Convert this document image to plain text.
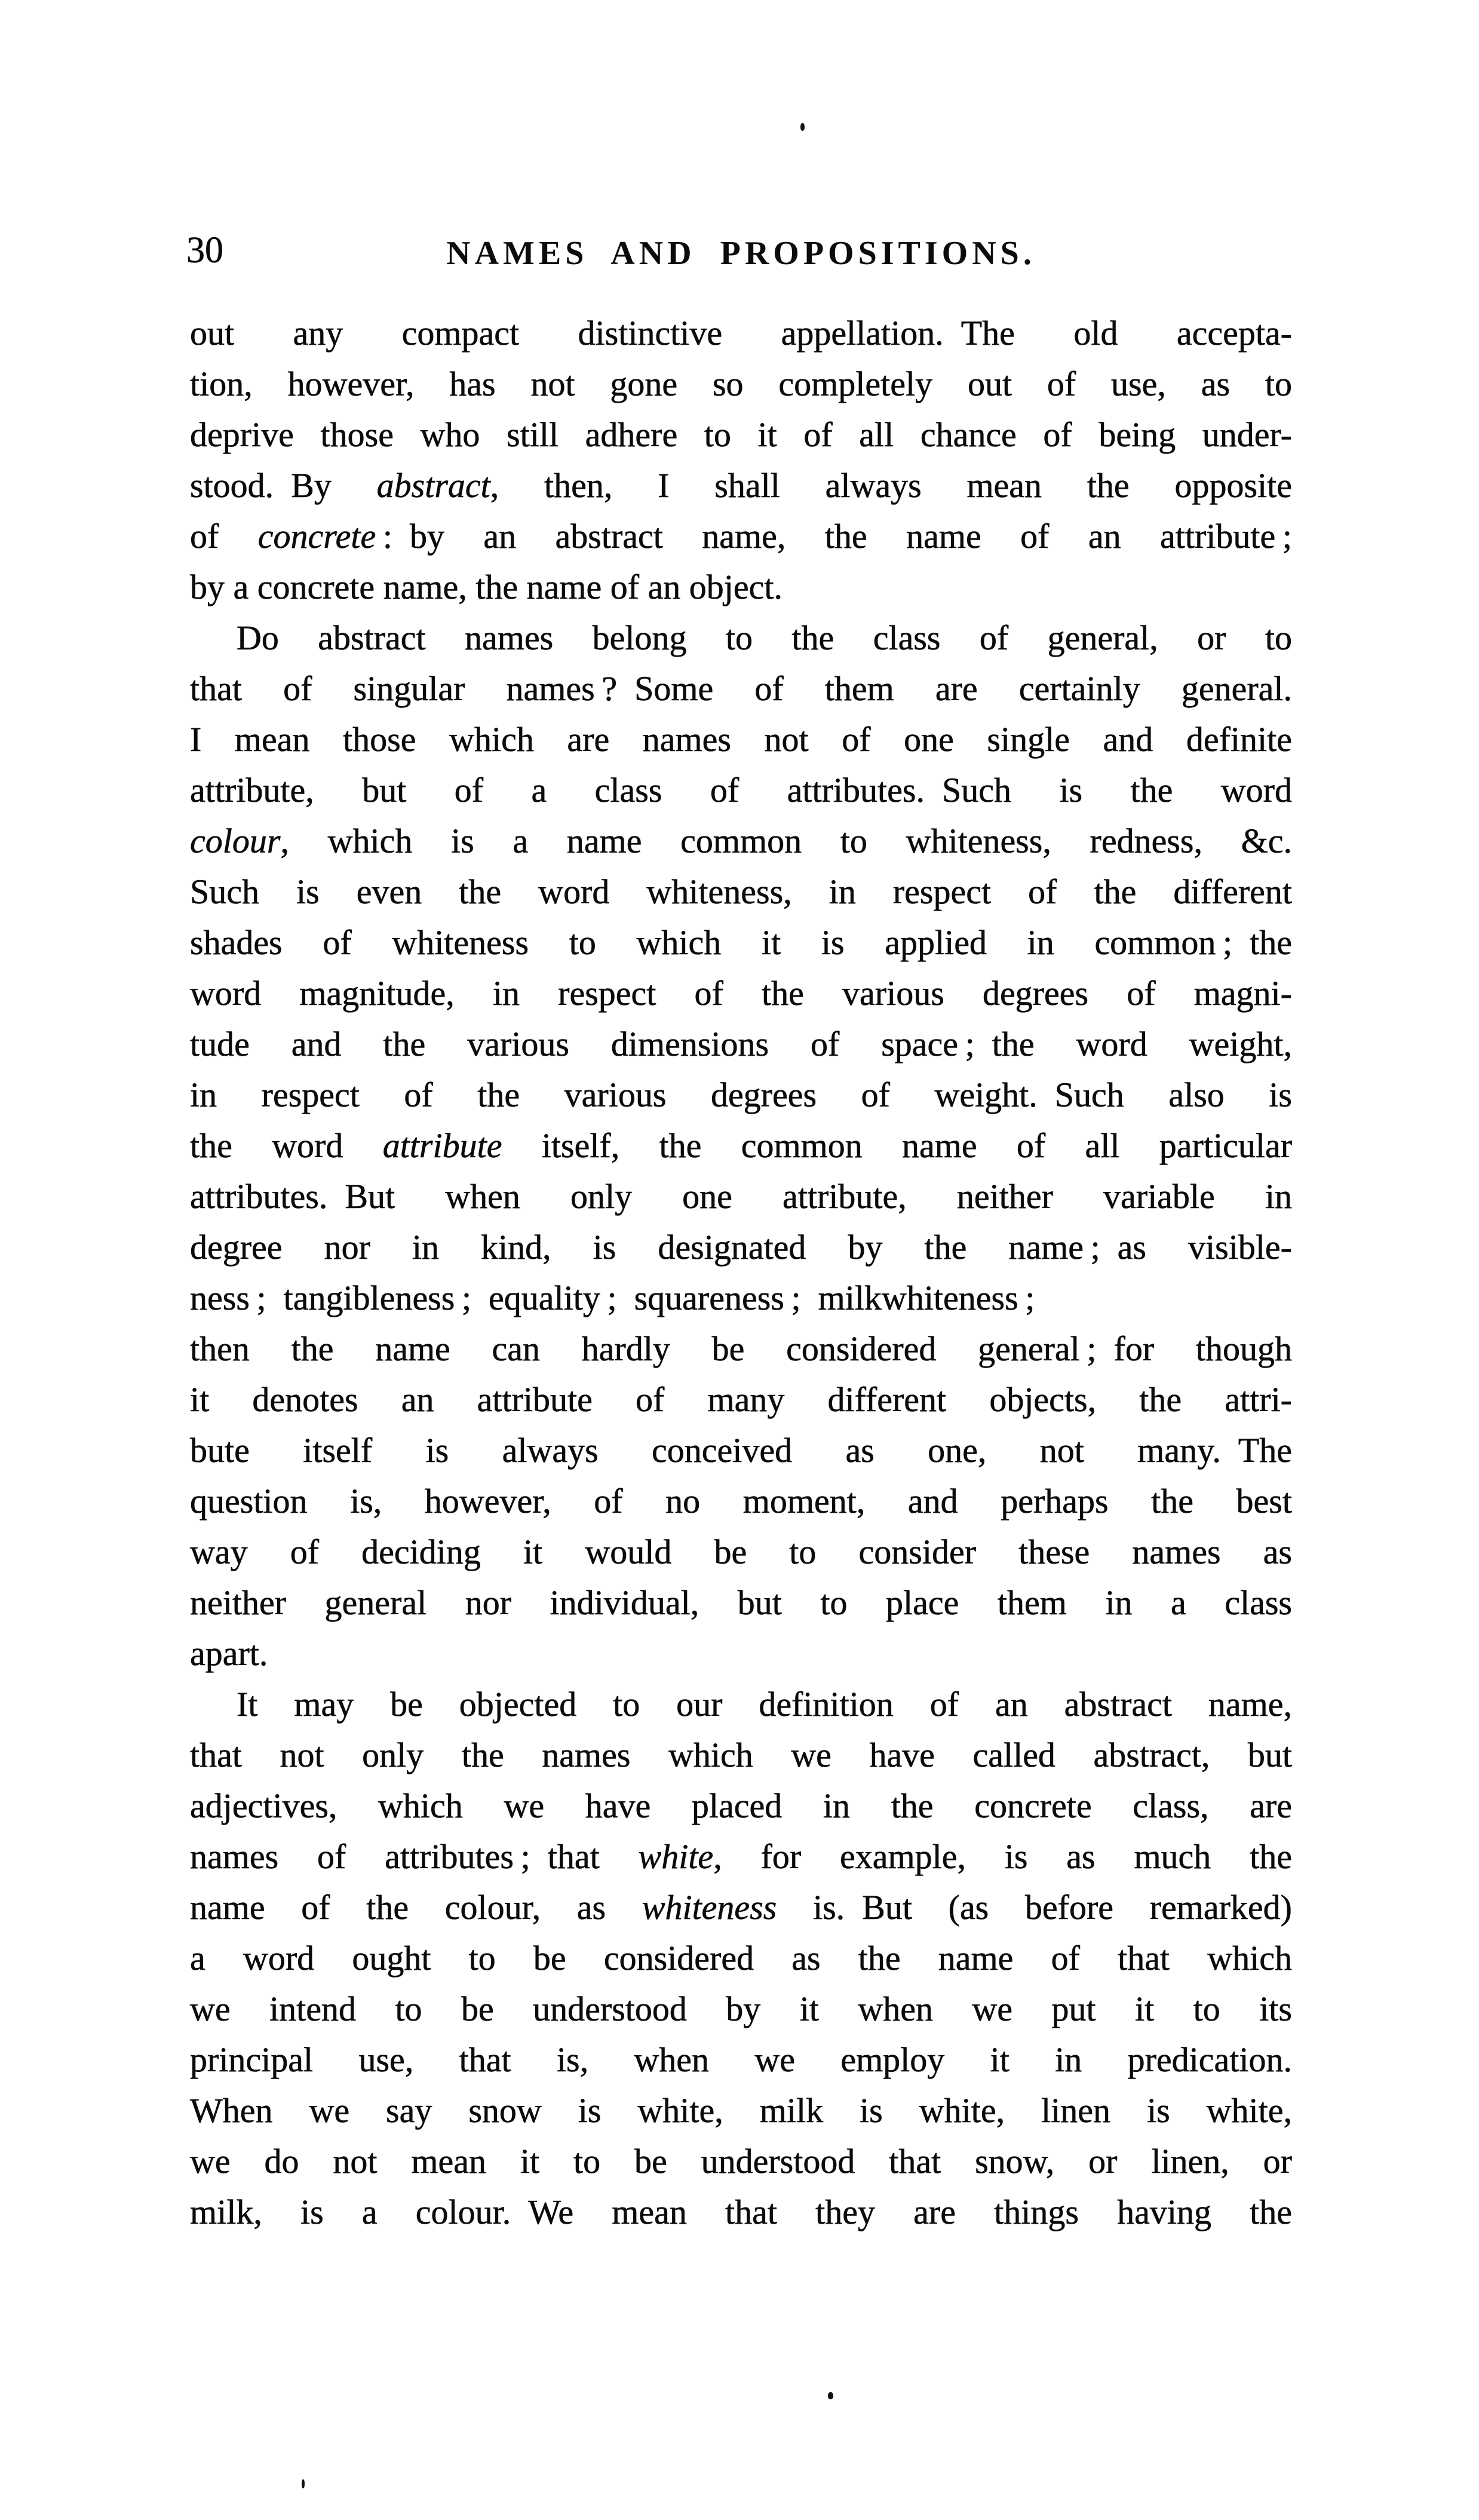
30	NAMES AND PROPOSITIONS.
out any compact distinctive appellation. The old accepta-
tion, however, has not gone so completely out of use, as to
deprive those who still adhere to it of all chance of being under-
stood. By abstract, then, I shall always mean the opposite
of concrete : by an abstract name, the name of an attribute ;
by a concrete name, the name of an object.
Do abstract names belong to the class of general, or to
that of singular names ? Some of them are certainly general.
I mean those which are names not of one single and definite
attribute, but of a class of attributes. Such is the word
colour, which is a name common to whiteness, redness, &c.
Such is even the word whiteness, in respect of the different
shades of whiteness to which it is applied in common ; the
word magnitude, in respect of the various degrees of magni-
tude and the various dimensions of space ; the word weight,
in respect of the various degrees of weight. Such also is
the word attribute itself, the common name of all particular
attributes. But when only one attribute, neither variable in
degree nor in kind, is designated by the name ; as visible-
ness ; tangibleness ; equality ; squareness ; milkwhiteness ;
then the name can hardly be considered general ; for though
it denotes an attribute of many different objects, the attri-
bute itself is always conceived as one, not many. The
question is, however, of no moment, and perhaps the best
way of deciding it would be to consider these names as
neither general nor individual, but to place them in a class
apart.
It may be objected to our definition of an abstract name,
that not only the names which we have called abstract, but
adjectives, which we have placed in the concrete class, are
names of attributes ; that white, for example, is as much the
name of the colour, as whiteness is. But (as before remarked)
a word ought to be considered as the name of that which
we intend to be understood by it when we put it to its
principal use, that is, when we employ it in predication.
When we say snow is white, milk is white, linen is white,
we do not mean it to be understood that snow, or linen, or
milk, is a colour. We mean that they are things having the
